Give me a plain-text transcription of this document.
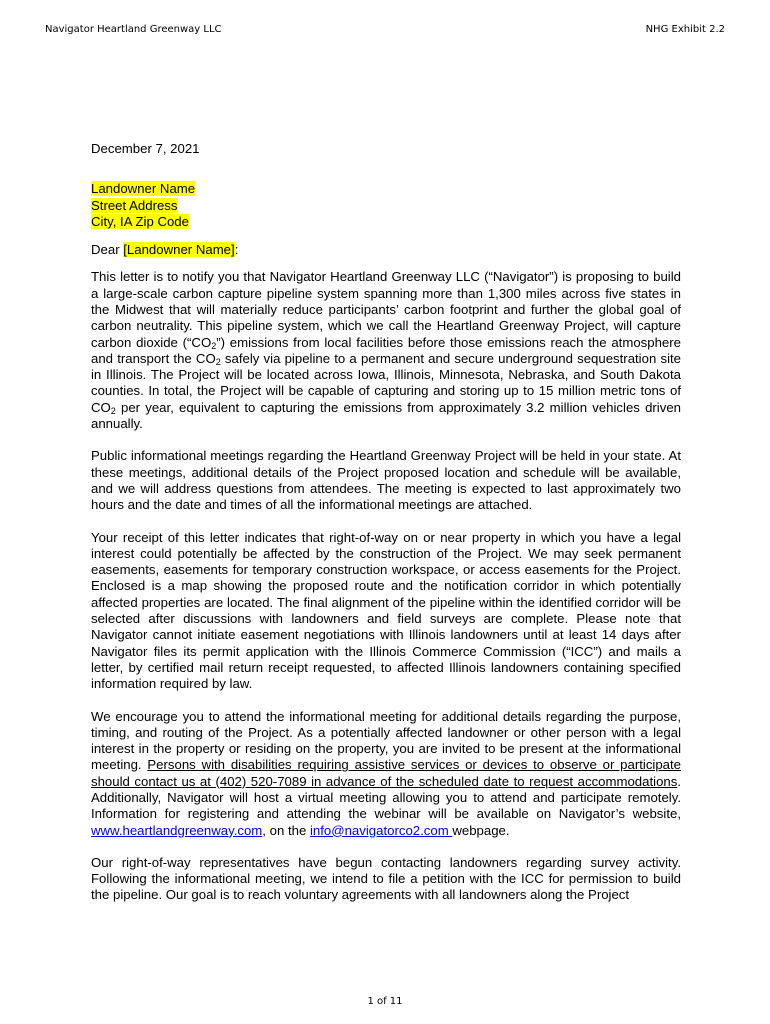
Navigator Heartland Greenway LLC	NHG Exhibit 2.2
December 7, 2021
Landowner Name
Street Address
City, IA Zip Code
Dear [Landowner Name]:

This letter is to notify you that Navigator Heartland Greenway LLC (“Navigator”) is proposing to build a large-scale carbon capture pipeline system spanning more than 1,300 miles across five states in the Midwest that will materially reduce participants’ carbon footprint and further the global goal of carbon neutrality. This pipeline system, which we call the Heartland Greenway Project, will capture carbon dioxide $(“CO_2”)$ emissions from local facilities before those emissions reach the atmosphere and transport the $CO_2$ safely via pipeline to a permanent and secure underground sequestration site in Illinois. The Project will be located across Iowa, Illinois, Minnesota, Nebraska, and South Dakota counties. In total, the Project will be capable of capturing and storing up to 15 million metric tons of $CO_2$ per year, equivalent to capturing the emissions from approximately 3.2 million vehicles driven annually.

Public informational meetings regarding the Heartland Greenway Project will be held in your state. At these meetings, additional details of the Project proposed location and schedule will be available, and we will address questions from attendees. The meeting is expected to last approximately two hours and the date and times of all the informational meetings are attached.

Your receipt of this letter indicates that right-of-way on or near property in which you have a legal interest could potentially be affected by the construction of the Project. We may seek permanent easements, easements for temporary construction workspace, or access easements for the Project. Enclosed is a map showing the proposed route and the notification corridor in which potentially affected properties are located. The final alignment of the pipeline within the identified corridor will be selected after discussions with landowners and field surveys are complete. Please note that Navigator cannot initiate easement negotiations with Illinois landowners until at least 14 days after Navigator files its permit application with the Illinois Commerce Commission (“ICC”) and mails a letter, by certified mail return receipt requested, to affected Illinois landowners containing specified information required by law.

We encourage you to attend the informational meeting for additional details regarding the purpose, timing, and routing of the Project. As a potentially affected landowner or other person with a legal interest in the property or residing on the property, you are invited to be present at the informational meeting. Persons with disabilities requiring assistive services or devices to observe or participate should contact us at (402) 520-7089 in advance of the scheduled date to request accommodations. Additionally, Navigator will host a virtual meeting allowing you to attend and participate remotely. Information for registering and attending the webinar will be available on Navigator’s website, www.heartlandgreenway.com, on the info@navigatorco2.com webpage.

Our right-of-way representatives have begun contacting landowners regarding survey activity. Following the informational meeting, we intend to file a petition with the ICC for permission to build the pipeline. Our goal is to reach voluntary agreements with all landowners along the Project

1 of 11
